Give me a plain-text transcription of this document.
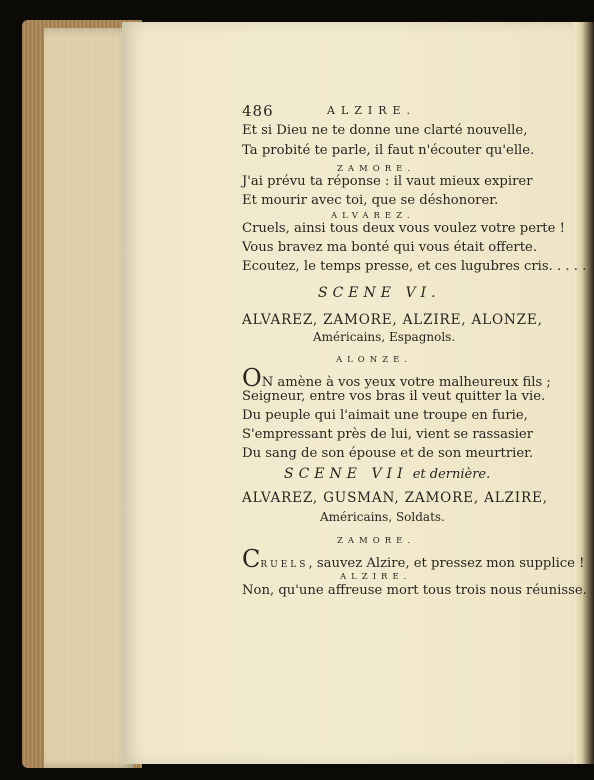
486	ALZIRE.
Et si Dieu ne te donne une clarté nouvelle,
Ta probité te parle, il faut n'écouter qu'elle.
ZAMORE.
J'ai prévu ta réponse : il vaut mieux expirer
Et mourir avec toi, que se déshonorer.
ALVAREZ.
Cruels, ainsi tous deux vous voulez votre perte !
Vous bravez ma bonté qui vous était offerte.
Ecoutez, le temps presse, et ces lugubres cris. . . . .
SCENE VI.
ALVAREZ, ZAMORE, ALZIRE, ALONZE,
Américains, Espagnols.
ALONZE.
ON amène à vos yeux votre malheureux fils ;
Seigneur, entre vos bras il veut quitter la vie.
Du peuple qui l'aimait une troupe en furie,
S'empressant près de lui, vient se rassasier
Du sang de son épouse et de son meurtrier.
SCENE VII et dernière.
ALVAREZ, GUSMAN, ZAMORE, ALZIRE,
Américains, Soldats.
ZAMORE.
CRUELS, sauvez Alzire, et pressez mon supplice !
ALZIRE.
Non, qu'une affreuse mort tous trois nous réunisse.
